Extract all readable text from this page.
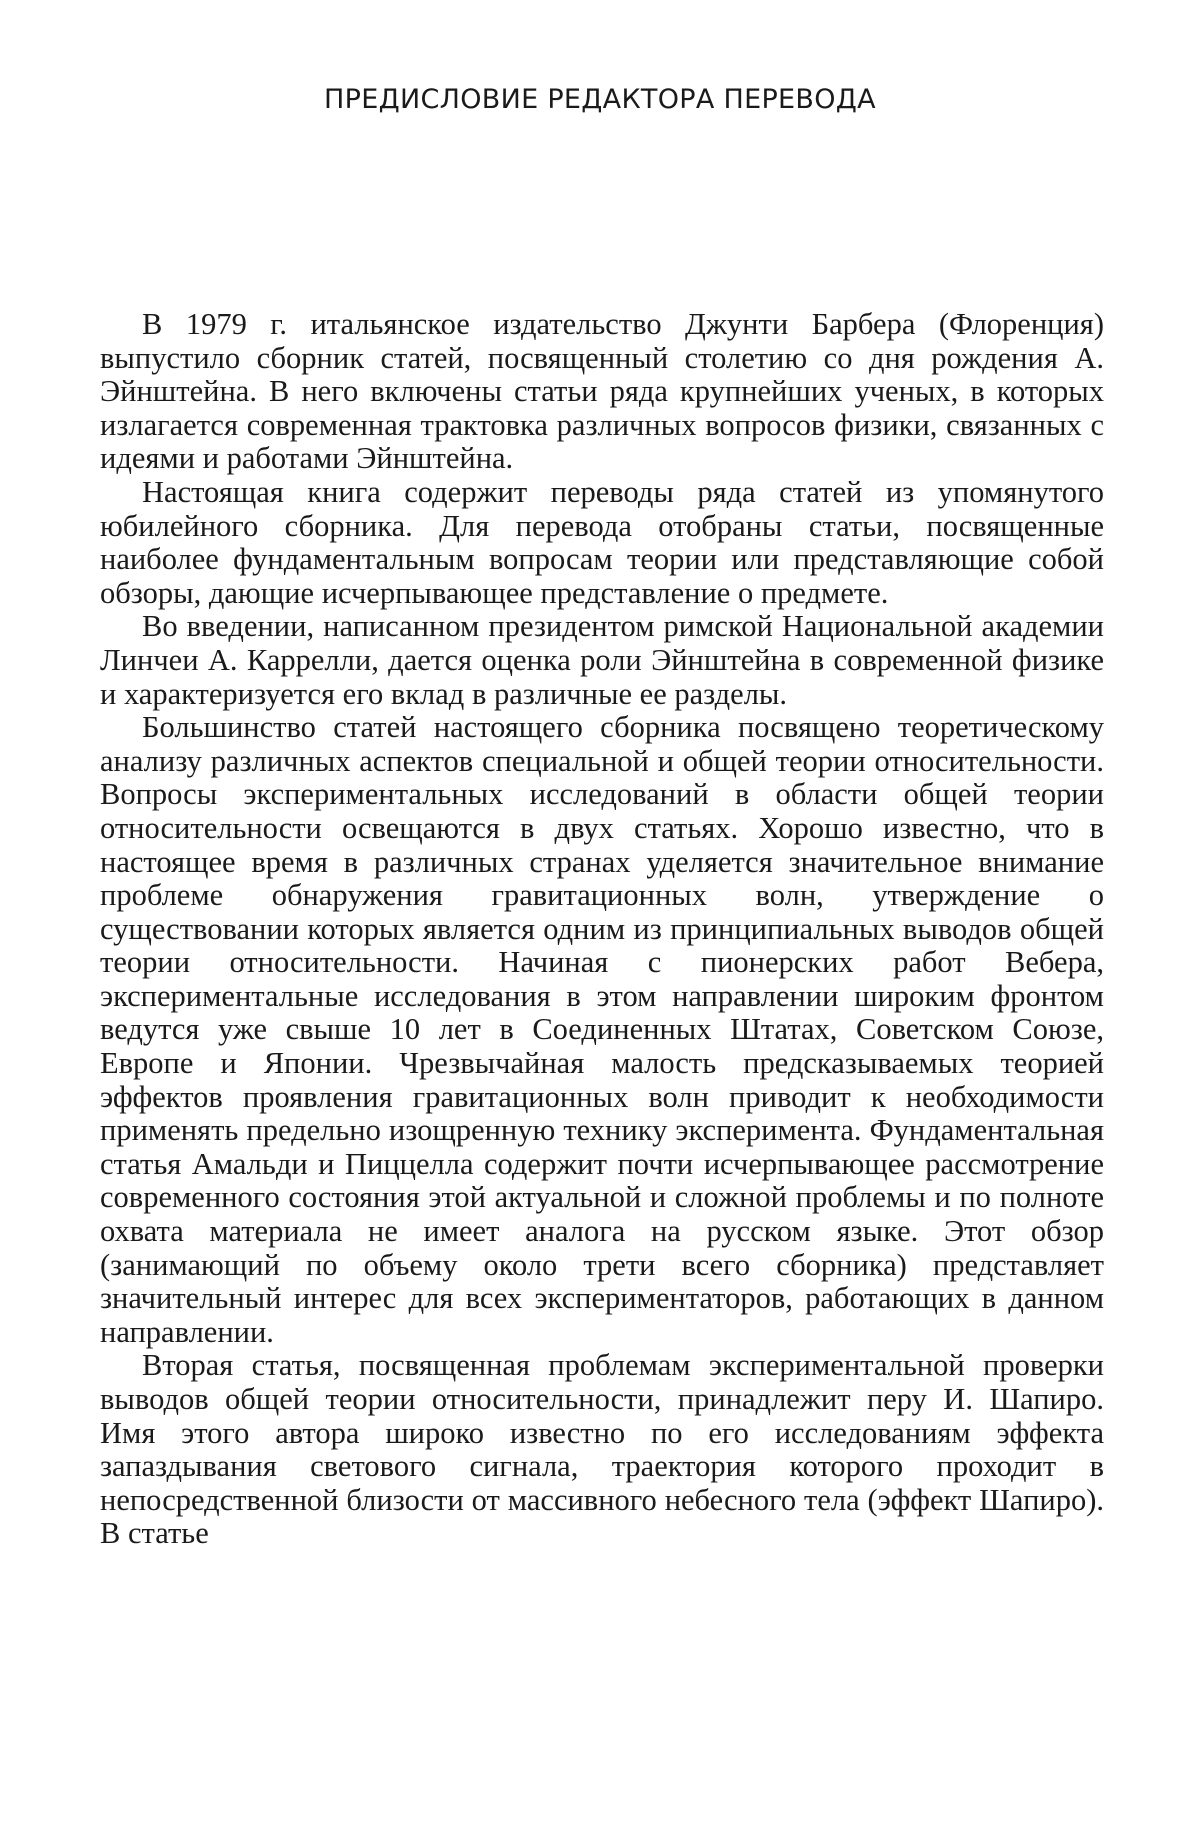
ПРЕДИСЛОВИЕ РЕДАКТОРА ПЕРЕВОДА

В 1979 г. итальянское издательство Джунти Барбера (Флоренция) выпустило сборник статей, посвященный столетию со дня рождения А. Эйнштейна. В него включены статьи ряда крупнейших ученых, в которых излагается современная трактовка различных вопросов физики, связанных с идеями и работами Эйнштейна.

Настоящая книга содержит переводы ряда статей из упомянутого юбилейного сборника. Для перевода отобраны статьи, посвященные наиболее фундаментальным вопросам теории или представляющие собой обзоры, дающие исчерпывающее представление о предмете.

Во введении, написанном президентом римской Национальной академии Линчеи А. Каррелли, дается оценка роли Эйнштейна в современной физике и характеризуется его вклад в различные ее разделы.

Большинство статей настоящего сборника посвящено теоретическому анализу различных аспектов специальной и общей теории относительности. Вопросы экспериментальных исследований в области общей теории относительности освещаются в двух статьях. Хорошо известно, что в настоящее время в различных странах уделяется значительное внимание проблеме обнаружения гравитационных волн, утверждение о существовании которых является одним из принципиальных выводов общей теории относительности. Начиная с пионерских работ Вебера, экспериментальные исследования в этом направлении широким фронтом ведутся уже свыше 10 лет в Соединенных Штатах, Советском Союзе, Европе и Японии. Чрезвычайная малость предсказываемых теорией эффектов проявления гравитационных волн приводит к необходимости применять предельно изощренную технику эксперимента. Фундаментальная статья Амальди и Пиццелла содержит почти исчерпывающее рассмотрение современного состояния этой актуальной и сложной проблемы и по полноте охвата материала не имеет аналога на русском языке. Этот обзор (занимающий по объему около трети всего сборника) представляет значительный интерес для всех экспериментаторов, работающих в данном направлении.

Вторая статья, посвященная проблемам экспериментальной проверки выводов общей теории относительности, принадлежит перу И. Шапиро. Имя этого автора широко известно по его исследованиям эффекта запаздывания светового сигнала, траектория которого проходит в непосредственной близости от массивного небесного тела (эффект Шапиро). В статье
